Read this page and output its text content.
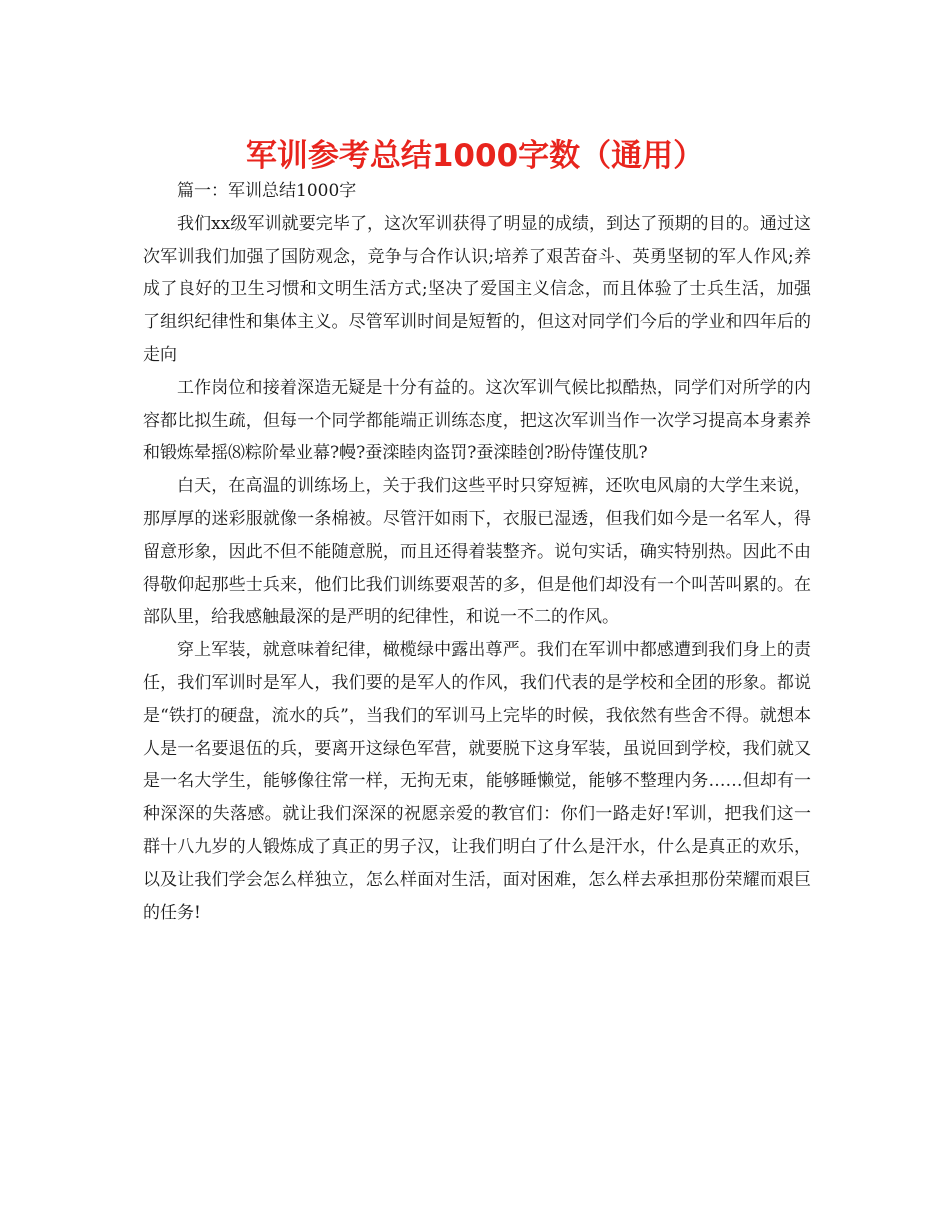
军训参考总结1000字数（通用）

篇一：军训总结1000字

我们xx级军训就要完毕了，这次军训获得了明显的成绩，到达了预期的目的。通过这次军训我们加强了国防观念，竞争与合作认识;培养了艰苦奋斗、英勇坚韧的军人作风;养成了良好的卫生习惯和文明生活方式;坚决了爱国主义信念，而且体验了士兵生活，加强了组织纪律性和集体主义。尽管军训时间是短暂的，但这对同学们今后的学业和四年后的走向

工作岗位和接着深造无疑是十分有益的。这次军训气候比拟酷热，同学们对所学的内容都比拟生疏，但每一个同学都能端正训练态度，把这次军训当作一次学习提高本身素养和锻炼晕摇⑻粽阶晕业幕?幔?蚕滦睦肉盗罚?蚕滦睦创?盼侍馑伎肌?

白天，在高温的训练场上，关于我们这些平时只穿短裤，还吹电风扇的大学生来说，那厚厚的迷彩服就像一条棉被。尽管汗如雨下，衣服已湿透，但我们如今是一名军人，得留意形象，因此不但不能随意脱，而且还得着装整齐。说句实话，确实特别热。因此不由得敬仰起那些士兵来，他们比我们训练要艰苦的多，但是他们却没有一个叫苦叫累的。在部队里，给我感触最深的是严明的纪律性，和说一不二的作风。

穿上军装，就意味着纪律，橄榄绿中露出尊严。我们在军训中都感遭到我们身上的责任，我们军训时是军人，我们要的是军人的作风，我们代表的是学校和全团的形象。都说是“铁打的硬盘，流水的兵”，当我们的军训马上完毕的时候，我依然有些舍不得。就想本人是一名要退伍的兵，要离开这绿色军营，就要脱下这身军装，虽说回到学校，我们就又是一名大学生，能够像往常一样，无拘无束，能够睡懒觉，能够不整理内务……但却有一种深深的失落感。就让我们深深的祝愿亲爱的教官们：你们一路走好!军训，把我们这一群十八九岁的人锻炼成了真正的男子汉，让我们明白了什么是汗水，什么是真正的欢乐，以及让我们学会怎么样独立，怎么样面对生活，面对困难，怎么样去承担那份荣耀而艰巨的任务!
